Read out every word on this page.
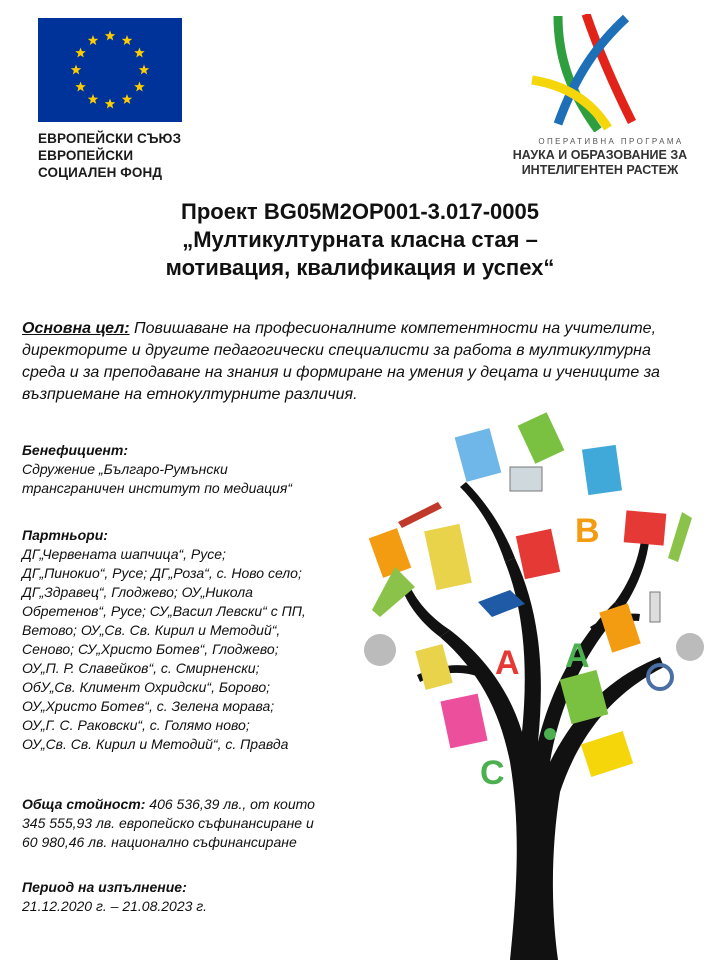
ЕВРОПЕЙСКИ СЪЮЗ
ЕВРОПЕЙСКИ
СОЦИАЛЕН ФОНД
ОПЕРАТИВНА ПРОГРАМА
НАУКА И ОБРАЗОВАНИЕ ЗА
ИНТЕЛИГЕНТЕН РАСТЕЖ
Проект BG05M2OP001-3.017-0005
„Мултикултурната класна стая –
мотивация, квалификация и успех“
Основна цел: Повишаване на професионалните компетентности на учителите, директорите и другите педагогически специалисти за работа в мултикултурна среда и за преподаване на знания и формиране на умения у децата и учениците за възприемане на етнокултурните различия.
Бенефициент:
Сдружение „Българо-Румънски
трансграничен институт по медиация“
Партньори:
ДГ„Червената шапчица“, Русе;
ДГ„Пинокио“, Русе; ДГ„Роза“, с. Ново село;
ДГ„Здравец“, Глоджево; ОУ„Никола
Обретенов“, Русе; СУ„Васил Левски“ с ПП,
Ветово; ОУ„Св. Св. Кирил и Методий“,
Сеново; СУ„Христо Ботев“, Глоджево;
ОУ„П. Р. Славейков“, с. Смирненски;
ОбУ„Св. Климент Охридски“, Борово;
ОУ„Христо Ботев“, с. Зелена морава;
ОУ„Г. С. Раковски“, с. Голямо ново;
ОУ„Св. Св. Кирил и Методий“, с. Правда
Обща стойност: 406 536,39 лв., от които
345 555,93 лв. европейско съфинансиране и
60 980,46 лв. национално съфинансиране
Период на изпълнение:
21.12.2020 г. – 21.08.2023 г.
B
A A
C
